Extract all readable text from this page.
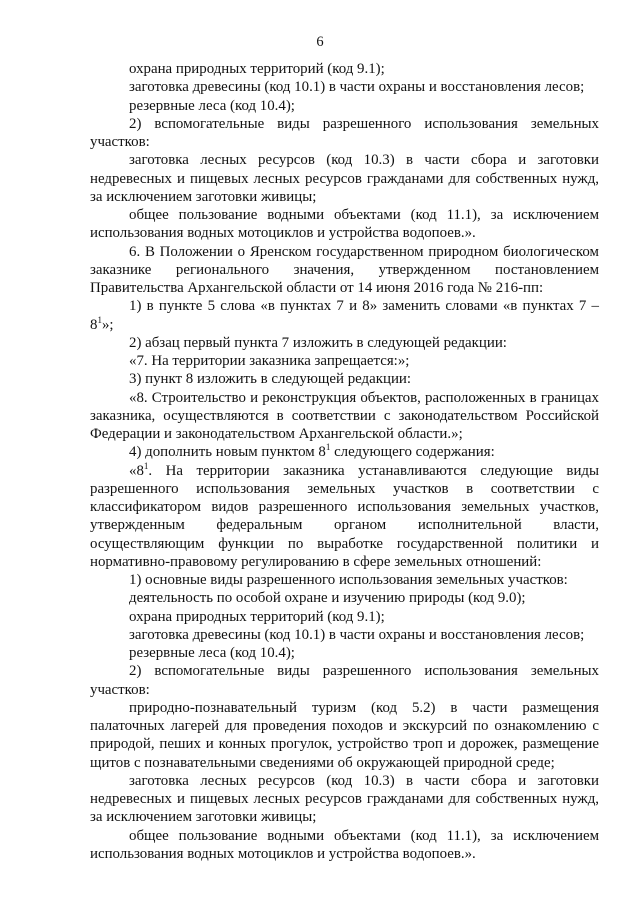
6

охрана природных территорий (код 9.1);

заготовка древесины (код 10.1) в части охраны и восстановления лесов;

резервные леса (код 10.4);

2) вспомогательные виды разрешенного использования земельных участков:

заготовка лесных ресурсов (код 10.3) в части сбора и заготовки недревесных и пищевых лесных ресурсов гражданами для собственных нужд, за исключением заготовки живицы;

общее пользование водными объектами (код 11.1), за исключением использования водных мотоциклов и устройства водопоев.».

6. В Положении о Яренском государственном природном биологическом заказнике регионального значения, утвержденном постановлением Правительства Архангельской области от 14 июня 2016 года № 216-пп:

1) в пункте 5 слова «в пунктах 7 и 8» заменить словами «в пунктах $7 - 8^1$»;

2) абзац первый пункта 7 изложить в следующей редакции:

«7. На территории заказника запрещается:»;

3) пункт 8 изложить в следующей редакции:

«8. Строительство и реконструкция объектов, расположенных в границах заказника, осуществляются в соответствии с законодательством Российской Федерации и законодательством Архангельской области.»;

4) дополнить новым пунктом $8^1$ следующего содержания:

«$8^1$. На территории заказника устанавливаются следующие виды разрешенного использования земельных участков в соответствии с классификатором видов разрешенного использования земельных участков, утвержденным федеральным органом исполнительной власти, осуществляющим функции по выработке государственной политики и нормативно-правовому регулированию в сфере земельных отношений:

1) основные виды разрешенного использования земельных участков:

деятельность по особой охране и изучению природы (код 9.0);

охрана природных территорий (код 9.1);

заготовка древесины (код 10.1) в части охраны и восстановления лесов;

резервные леса (код 10.4);

2) вспомогательные виды разрешенного использования земельных участков:

природно-познавательный туризм (код 5.2) в части размещения палаточных лагерей для проведения походов и экскурсий по ознакомлению с природой, пеших и конных прогулок, устройство троп и дорожек, размещение щитов с познавательными сведениями об окружающей природной среде;

заготовка лесных ресурсов (код 10.3) в части сбора и заготовки недревесных и пищевых лесных ресурсов гражданами для собственных нужд, за исключением заготовки живицы;

общее пользование водными объектами (код 11.1), за исключением использования водных мотоциклов и устройства водопоев.».
